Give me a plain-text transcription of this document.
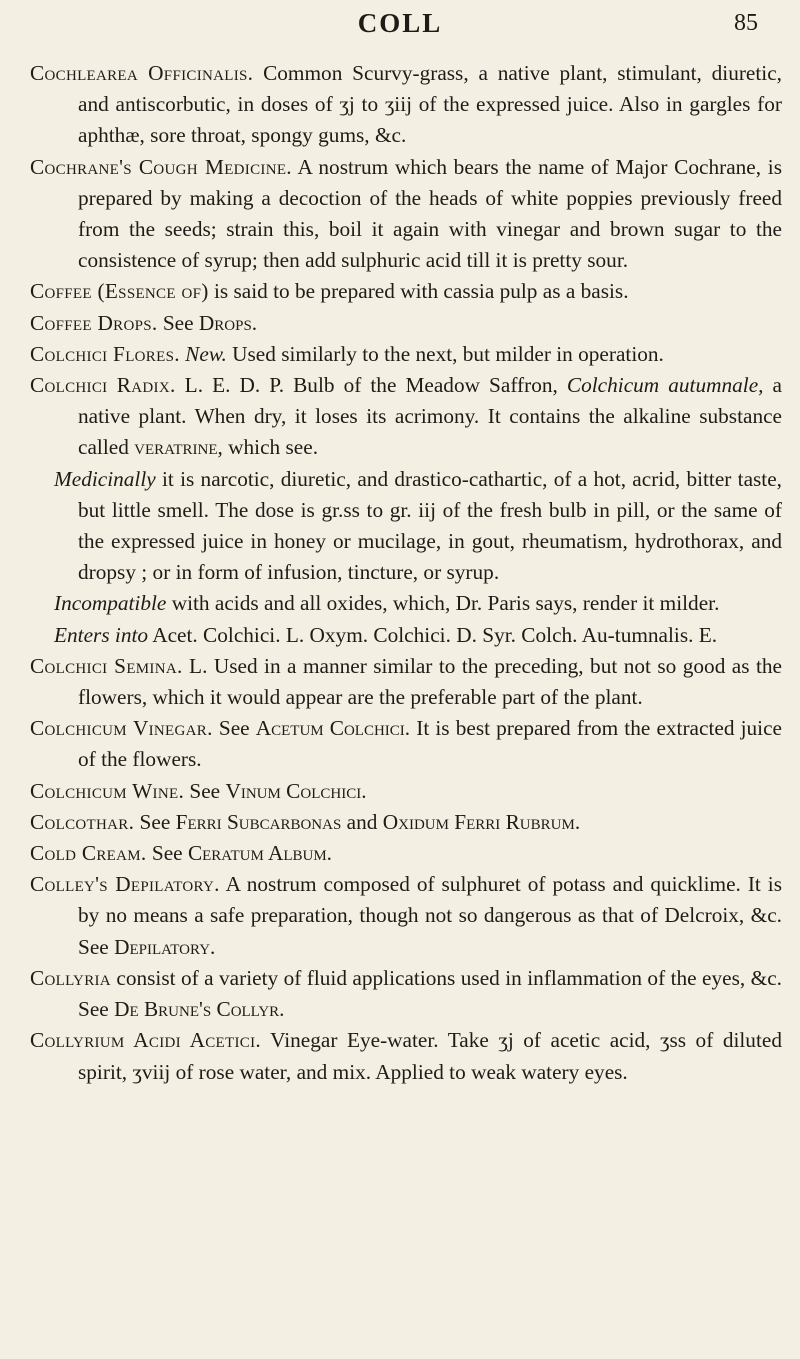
COLL	85

Cochlearea Officinalis. Common Scurvy-grass, a native plant, stimulant, diuretic, and antiscorbutic, in doses of ʒj to ʒiij of the expressed juice. Also in gargles for aphthæ, sore throat, spongy gums, &c.

Cochrane's Cough Medicine. A nostrum which bears the name of Major Cochrane, is prepared by making a decoction of the heads of white poppies previously freed from the seeds; strain this, boil it again with vinegar and brown sugar to the consistence of syrup; then add sulphuric acid till it is pretty sour.

Coffee (Essence of) is said to be prepared with cassia pulp as a basis.

Coffee Drops. See Drops.

Colchici Flores. New. Used similarly to the next, but milder in operation.

Colchici Radix. L. E. D. P. Bulb of the Meadow Saffron, Colchicum autumnale, a native plant. When dry, it loses its acrimony. It contains the alkaline substance called veratrine, which see.

Medicinally it is narcotic, diuretic, and drastico-cathartic, of a hot, acrid, bitter taste, but little smell. The dose is gr.ss to gr. iij of the fresh bulb in pill, or the same of the expressed juice in honey or mucilage, in gout, rheumatism, hydrothorax, and dropsy ; or in form of infusion, tincture, or syrup.

Incompatible with acids and all oxides, which, Dr. Paris says, render it milder.

Enters into Acet. Colchici. L. Oxym. Colchici. D. Syr. Colch. Au-tumnalis. E.

Colchici Semina. L. Used in a manner similar to the preceding, but not so good as the flowers, which it would appear are the preferable part of the plant.

Colchicum Vinegar. See Acetum Colchici. It is best prepared from the extracted juice of the flowers.

Colchicum Wine. See Vinum Colchici.

Colcothar. See Ferri Subcarbonas and Oxidum Ferri Rubrum.

Cold Cream. See Ceratum Album.

Colley's Depilatory. A nostrum composed of sulphuret of potass and quicklime. It is by no means a safe preparation, though not so dangerous as that of Delcroix, &c. See Depilatory.

Collyria consist of a variety of fluid applications used in inflammation of the eyes, &c. See De Brune's Collyr.

Collyrium Acidi Acetici. Vinegar Eye-water. Take ʒj of acetic acid, ʒss of diluted spirit, ʒviij of rose water, and mix. Applied to weak watery eyes.
